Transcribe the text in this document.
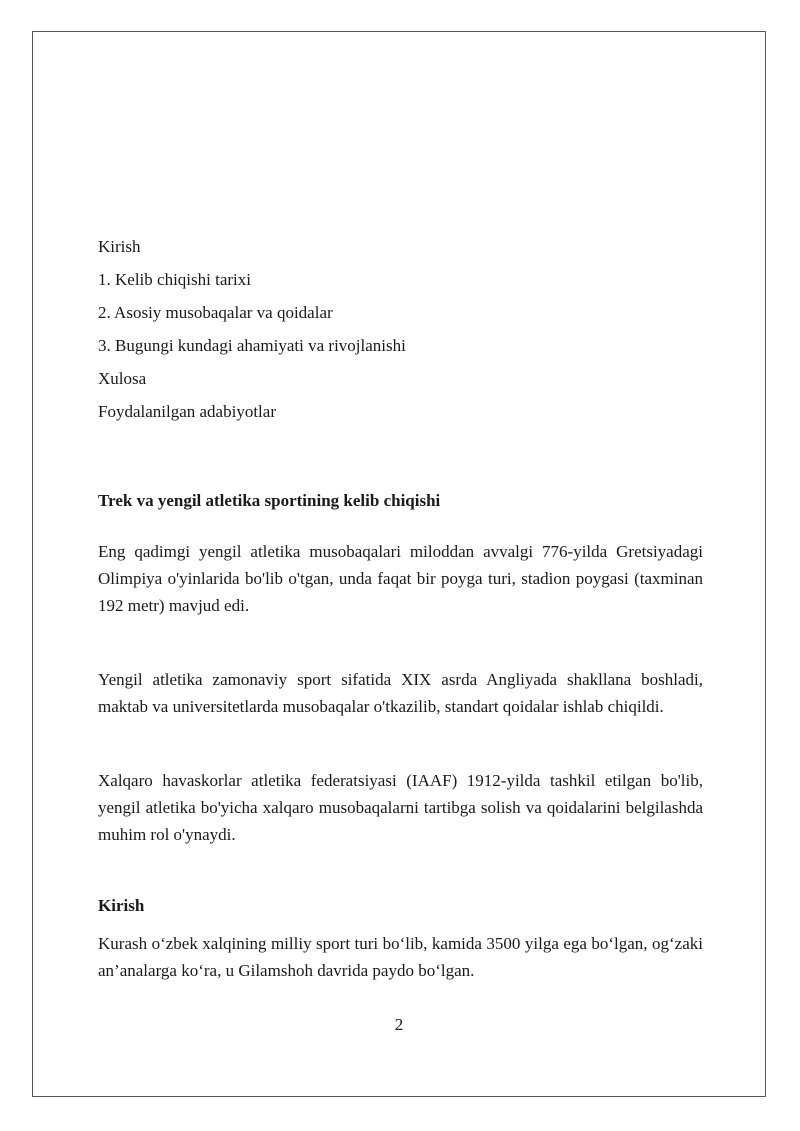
Kirish

1. Kelib chiqishi tarixi

2. Asosiy musobaqalar va qoidalar

3. Bugungi kundagi ahamiyati va rivojlanishi

Xulosa

Foydalanilgan adabiyotlar

Trek va yengil atletika sportining kelib chiqishi

Eng qadimgi yengil atletika musobaqalari miloddan avvalgi 776-yilda Gretsiyadagi Olimpiya o'yinlarida bo'lib o'tgan, unda faqat bir poyga turi, stadion poygasi (taxminan 192 metr) mavjud edi.

Yengil atletika zamonaviy sport sifatida XIX asrda Angliyada shakllana boshladi, maktab va universitetlarda musobaqalar o'tkazilib, standart qoidalar ishlab chiqildi.

Xalqaro havaskorlar atletika federatsiyasi (IAAF) 1912-yilda tashkil etilgan bo'lib, yengil atletika bo'yicha xalqaro musobaqalarni tartibga solish va qoidalarini belgilashda muhim rol o'ynaydi.

Kirish

Kurash o‘zbek xalqining milliy sport turi bo‘lib, kamida 3500 yilga ega bo‘lgan, og‘zaki an’analarga ko‘ra, u Gilamshoh davrida paydo bo‘lgan.

2
